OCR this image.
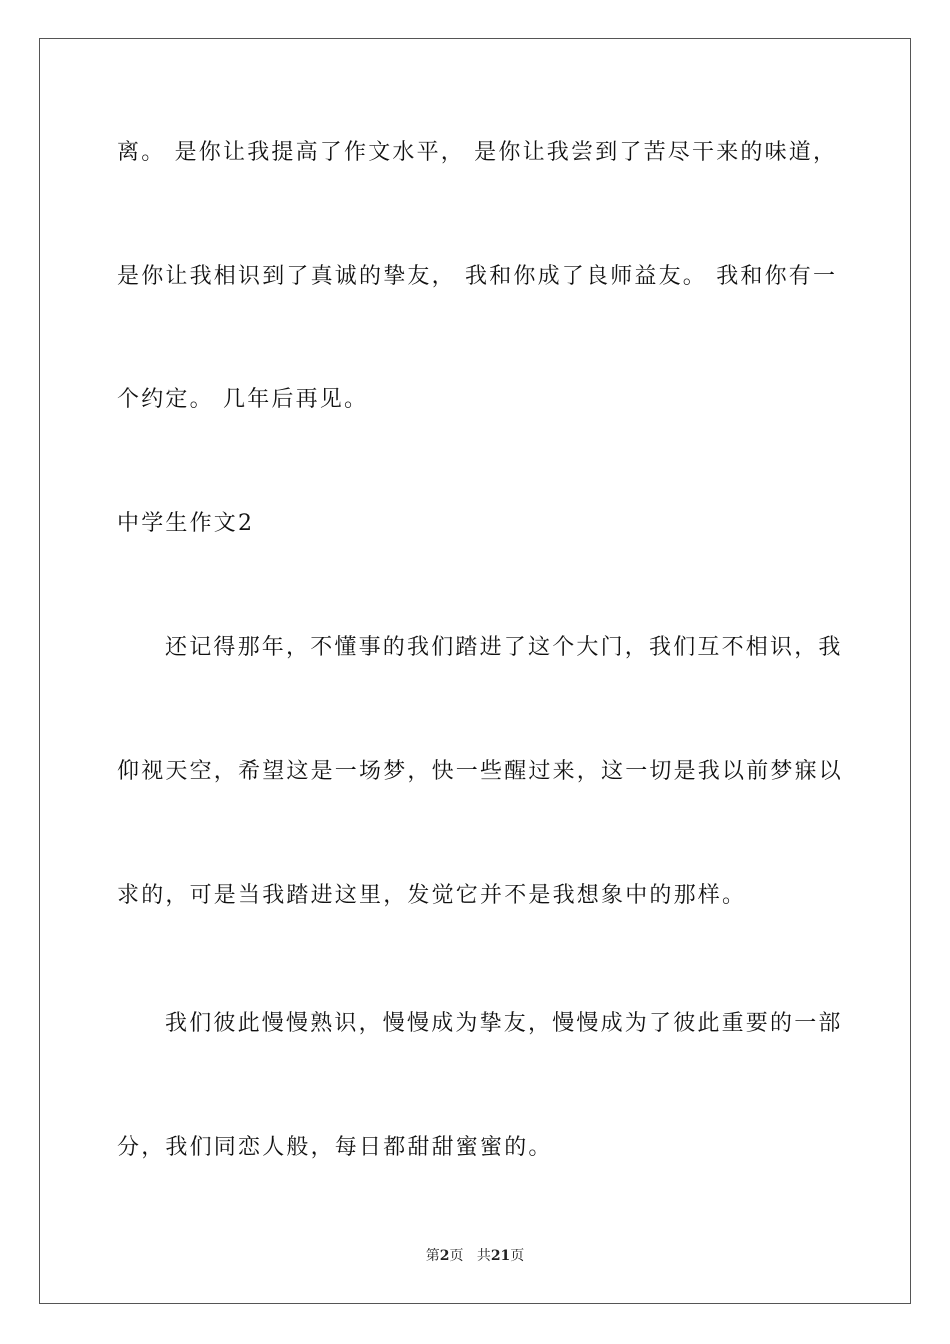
离。 是你让我提高了作文水平， 是你让我尝到了苦尽干来的味道，
是你让我相识到了真诚的挚友， 我和你成了良师益友。 我和你有一
个约定。 几年后再见。
中学生作文2
还记得那年，不懂事的我们踏进了这个大门，我们互不相识，我
仰视天空，希望这是一场梦，快一些醒过来，这一切是我以前梦寐以
求的，可是当我踏进这里，发觉它并不是我想象中的那样。
我们彼此慢慢熟识，慢慢成为挚友，慢慢成为了彼此重要的一部
分，我们同恋人般，每日都甜甜蜜蜜的。
第2页 共21页
